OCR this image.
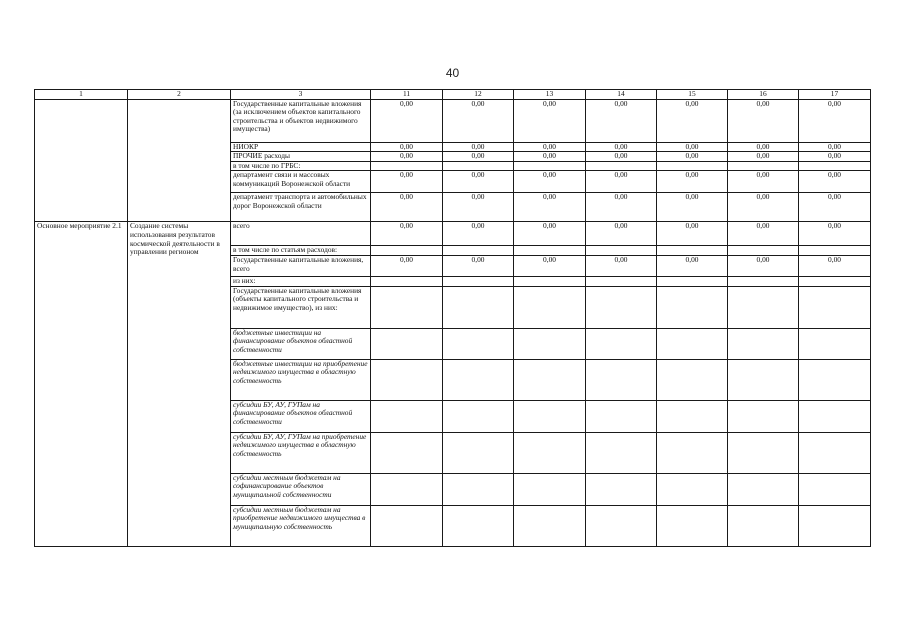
40
1	2	3	11	12	13	14	15	16	17
		Государственные капитальные вложения (за исключением объектов капитального строительства и объектов недвижимого имущества)	0,00	0,00	0,00	0,00	0,00	0,00	0,00
		НИОКР	0,00	0,00	0,00	0,00	0,00	0,00	0,00
		ПРОЧИЕ расходы	0,00	0,00	0,00	0,00	0,00	0,00	0,00
		в том числе по ГРБС:							
		департамент связи и массовых коммуникаций Воронежской области	0,00	0,00	0,00	0,00	0,00	0,00	0,00
		департамент транспорта и автомобильных дорог Воронежской области	0,00	0,00	0,00	0,00	0,00	0,00	0,00
Основное мероприятие 2.1	Создание системы использования результатов космической деятельности в управлении регионом	всего	0,00	0,00	0,00	0,00	0,00	0,00	0,00
		в том числе по статьям расходов:							
		Государственные капитальные вложения, всего	0,00	0,00	0,00	0,00	0,00	0,00	0,00
		из них:							
		Государственные капитальные вложения (объекты капитального строительства и недвижимое имущество), из них:							
		бюджетные инвестиции на финансирование объектов областной собственности							
		бюджетные инвестиции на приобретение недвижимого имущества в областную собственность							
		субсидии БУ, АУ, ГУПам на финансирование объектов областной собственности							
		субсидии БУ, АУ, ГУПам на приобретение недвижимого имущества в областную собственность							
		субсидии местным бюджетам на софинансирование объектов муниципальной собственности							
		субсидии местным бюджетам на приобретение недвижимого имущества в муниципальную собственность							
